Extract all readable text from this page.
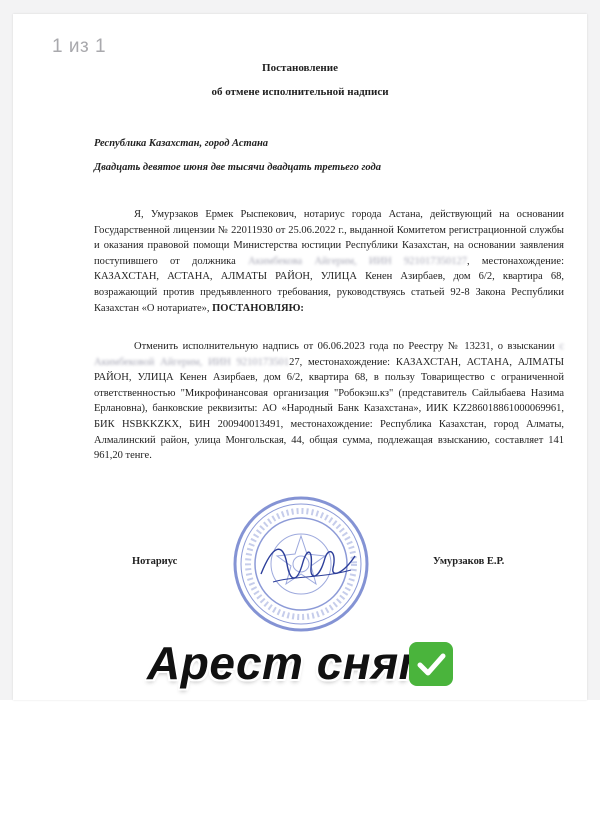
Постановление
об отмене исполнительной надписи
Республика Казахстан, город Астана
Двадцать девятое июня две тысячи двадцать третьего года

Я, Умурзаков Ермек Рыспекович, нотариус города Астана, действующий на основании Государственной лицензии № 22011930 от 25.06.2022 г., выданной Комитетом регистрационной службы и оказания правовой помощи Министерства юстиции Республики Казахстан, на основании заявления поступившего от должника Акимбекова Айгерим, ИИН 921017350127, местонахождение: КАЗАХСТАН, АСТАНА, АЛМАТЫ РАЙОН, УЛИЦА Кенен Азирбаев, дом 6/2, квартира 68, возражающий против предъявленного требования, руководствуясь статьей 92-8 Закона Республики Казахстан «О нотариате», ПОСТАНОВЛЯЮ:

Отменить исполнительную надпись от 06.06.2023 года по Реестру № 13231, о взыскании с Акимбековой Айгерим, ИИН 921017350127, местонахождение: КАЗАХСТАН, АСТАНА, АЛМАТЫ РАЙОН, УЛИЦА Кенен Азирбаев, дом 6/2, квартира 68, в пользу Товарищество с ограниченной ответственностью "Микрофинансовая организация "Робокэш.кз" (представитель Сайлыбаева Назима Ерлановна), банковские реквизиты: АО «Народный Банк Казахстана», ИИК KZ286018861000069961, БИК HSBKKZKX, БИН 200940013491, местонахождение: Республика Казахстан, город Алматы, Алмалинский район, улица Монгольская, 44, общая сумма, подлежащая взысканию, составляет 141 961,20 тенге.

Нотариус	Умурзаков Е.Р.
1 из 1
Арест снят
